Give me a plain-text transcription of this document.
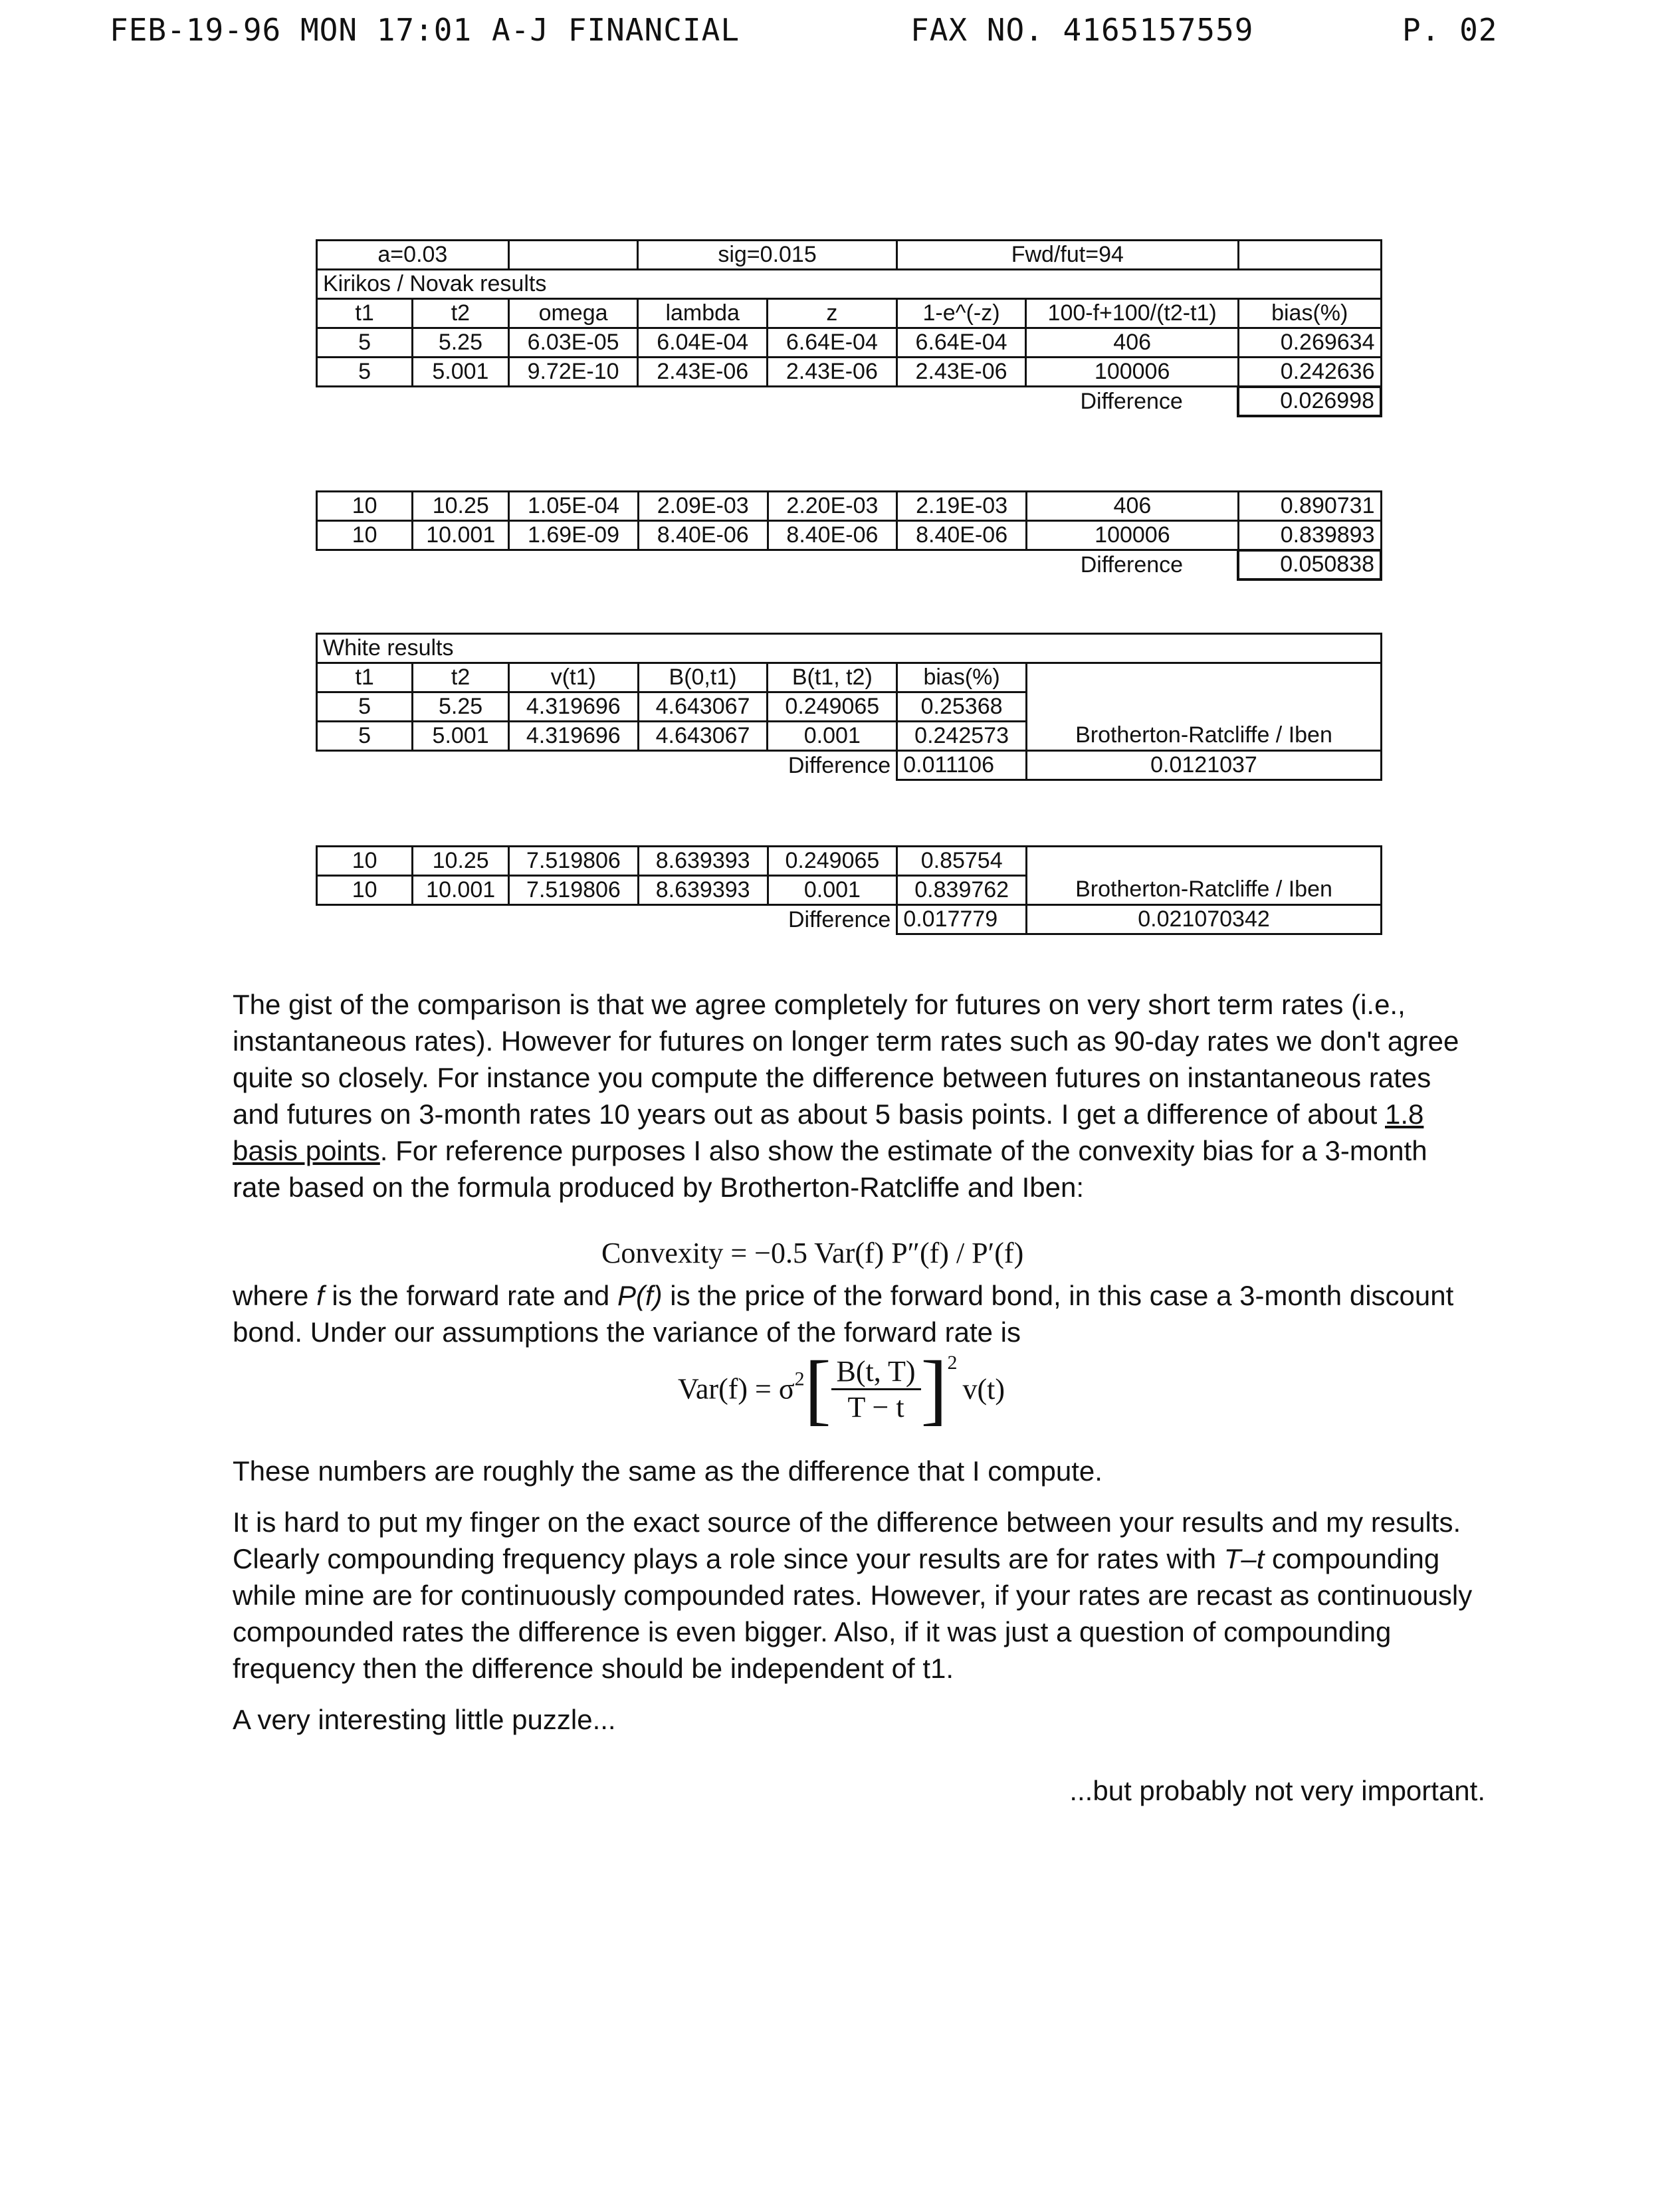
FEB-19-96 MON 17:01 A-J FINANCIAL	FAX NO. 4165157559	P. 02
a=0.03			sig=0.015		Fwd/fut=94		
Kirikos / Novak results							
t1	t2	omega	lambda	z	1-e^(-z)	100-f+100/(t2-t1)	bias(%)
5	5.25	6.03E-05	6.04E-04	6.64E-04	6.64E-04	406	0.269634
5	5.001	9.72E-10	2.43E-06	2.43E-06	2.43E-06	100006	0.242636
						Difference	0.026998
10	10.25	1.05E-04	2.09E-03	2.20E-03	2.19E-03	406	0.890731
10	10.001	1.69E-09	8.40E-06	8.40E-06	8.40E-06	100006	0.839893
						Difference	0.050838
White results						
t1	t2	v(t1)	B(0,t1)	B(t1, t2)	bias(%)	
5	5.25	4.319696	4.643067	0.249065	0.25368	
5	5.001	4.319696	4.643067	0.001	0.242573	Brotherton-Ratcliffe / Iben
				Difference	0.011106	0.0121037
10	10.25	7.519806	8.639393	0.249065	0.85754	
10	10.001	7.519806	8.639393	0.001	0.839762	Brotherton-Ratcliffe / Iben
				Difference	0.017779	0.021070342
The gist of the comparison is that we agree completely for futures on very short term rates (i.e., instantaneous rates). However for futures on longer term rates such as 90-day rates we don't agree quite so closely. For instance you compute the difference between futures on instantaneous rates and futures on 3-month rates 10 years out as about 5 basis points. I get a difference of about 1.8 basis points. For reference purposes I also show the estimate of the convexity bias for a 3-month rate based on the formula produced by Brotherton-Ratcliffe and Iben:
Convexity = −0.5 Var(f) P″(f) / P′(f)
where f is the forward rate and P(f) is the price of the forward bond, in this case a 3-month discount bond. Under our assumptions the variance of the forward rate is
$Var(f) = \sigma^2[ \frac{B(t, T)}{T - t} ]^2v(t)$

These numbers are roughly the same as the difference that I compute.

It is hard to put my finger on the exact source of the difference between your results and my results. Clearly compounding frequency plays a role since your results are for rates with T–t compounding while mine are for continuously compounded rates. However, if your rates are recast as continuously compounded rates the difference is even bigger. Also, if it was just a question of compounding frequency then the difference should be independent of t1.

A very interesting little puzzle...

...but probably not very important.
